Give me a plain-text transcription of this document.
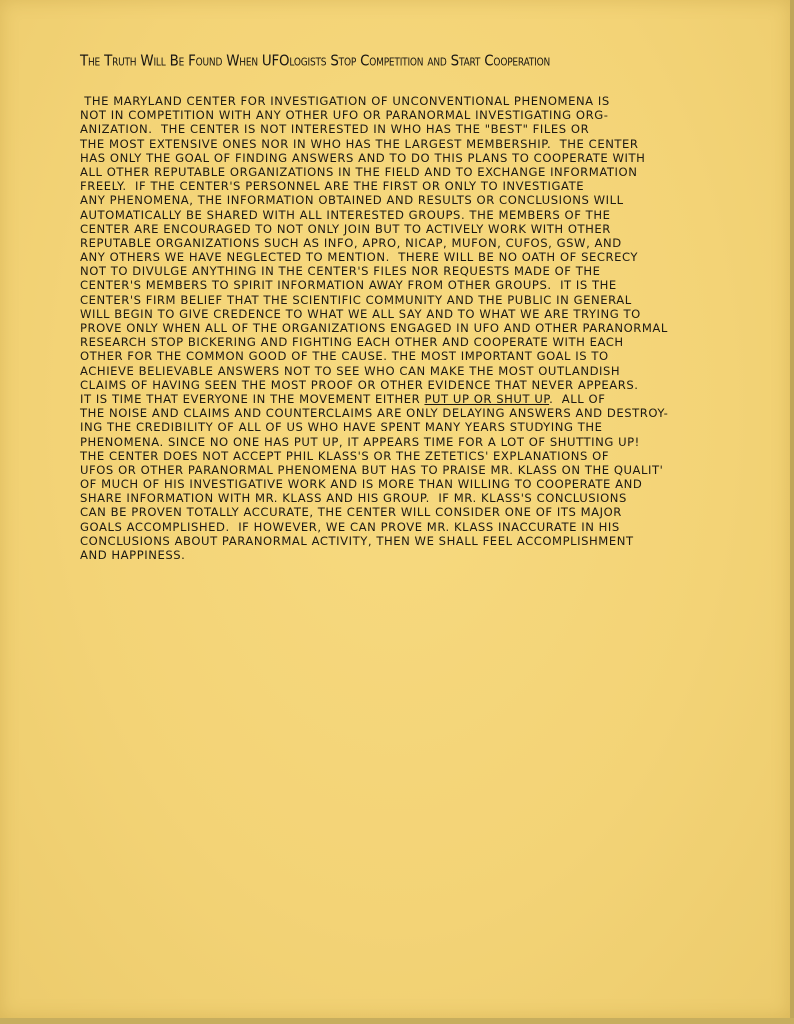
The Truth Will Be Found When UFOlogists Stop Competition and Start Cooperation
THE MARYLAND CENTER FOR INVESTIGATION OF UNCONVENTIONAL PHENOMENA IS
NOT IN COMPETITION WITH ANY OTHER UFO OR PARANORMAL INVESTIGATING ORG-
ANIZATION.  THE CENTER IS NOT INTERESTED IN WHO HAS THE "BEST" FILES OR
THE MOST EXTENSIVE ONES NOR IN WHO HAS THE LARGEST MEMBERSHIP.  THE CENTER
HAS ONLY THE GOAL OF FINDING ANSWERS AND TO DO THIS PLANS TO COOPERATE WITH
ALL OTHER REPUTABLE ORGANIZATIONS IN THE FIELD AND TO EXCHANGE INFORMATION
FREELY.  IF THE CENTER'S PERSONNEL ARE THE FIRST OR ONLY TO INVESTIGATE
ANY PHENOMENA, THE INFORMATION OBTAINED AND RESULTS OR CONCLUSIONS WILL
AUTOMATICALLY BE SHARED WITH ALL INTERESTED GROUPS. THE MEMBERS OF THE
CENTER ARE ENCOURAGED TO NOT ONLY JOIN BUT TO ACTIVELY WORK WITH OTHER
REPUTABLE ORGANIZATIONS SUCH AS INFO, APRO, NICAP, MUFON, CUFOS, GSW, AND
ANY OTHERS WE HAVE NEGLECTED TO MENTION.  THERE WILL BE NO OATH OF SECRECY
NOT TO DIVULGE ANYTHING IN THE CENTER'S FILES NOR REQUESTS MADE OF THE
CENTER'S MEMBERS TO SPIRIT INFORMATION AWAY FROM OTHER GROUPS.  IT IS THE
CENTER'S FIRM BELIEF THAT THE SCIENTIFIC COMMUNITY AND THE PUBLIC IN GENERAL
WILL BEGIN TO GIVE CREDENCE TO WHAT WE ALL SAY AND TO WHAT WE ARE TRYING TO
PROVE ONLY WHEN ALL OF THE ORGANIZATIONS ENGAGED IN UFO AND OTHER PARANORMAL
RESEARCH STOP BICKERING AND FIGHTING EACH OTHER AND COOPERATE WITH EACH
OTHER FOR THE COMMON GOOD OF THE CAUSE. THE MOST IMPORTANT GOAL IS TO
ACHIEVE BELIEVABLE ANSWERS NOT TO SEE WHO CAN MAKE THE MOST OUTLANDISH
CLAIMS OF HAVING SEEN THE MOST PROOF OR OTHER EVIDENCE THAT NEVER APPEARS.
IT IS TIME THAT EVERYONE IN THE MOVEMENT EITHER PUT UP OR SHUT UP.  ALL OF
THE NOISE AND CLAIMS AND COUNTERCLAIMS ARE ONLY DELAYING ANSWERS AND DESTROY-
ING THE CREDIBILITY OF ALL OF US WHO HAVE SPENT MANY YEARS STUDYING THE
PHENOMENA. SINCE NO ONE HAS PUT UP, IT APPEARS TIME FOR A LOT OF SHUTTING UP!
THE CENTER DOES NOT ACCEPT PHIL KLASS'S OR THE ZETETICS' EXPLANATIONS OF
UFOS OR OTHER PARANORMAL PHENOMENA BUT HAS TO PRAISE MR. KLASS ON THE QUALIT'
OF MUCH OF HIS INVESTIGATIVE WORK AND IS MORE THAN WILLING TO COOPERATE AND
SHARE INFORMATION WITH MR. KLASS AND HIS GROUP.  IF MR. KLASS'S CONCLUSIONS
CAN BE PROVEN TOTALLY ACCURATE, THE CENTER WILL CONSIDER ONE OF ITS MAJOR
GOALS ACCOMPLISHED.  IF HOWEVER, WE CAN PROVE MR. KLASS INACCURATE IN HIS
CONCLUSIONS ABOUT PARANORMAL ACTIVITY, THEN WE SHALL FEEL ACCOMPLISHMENT
AND HAPPINESS.
